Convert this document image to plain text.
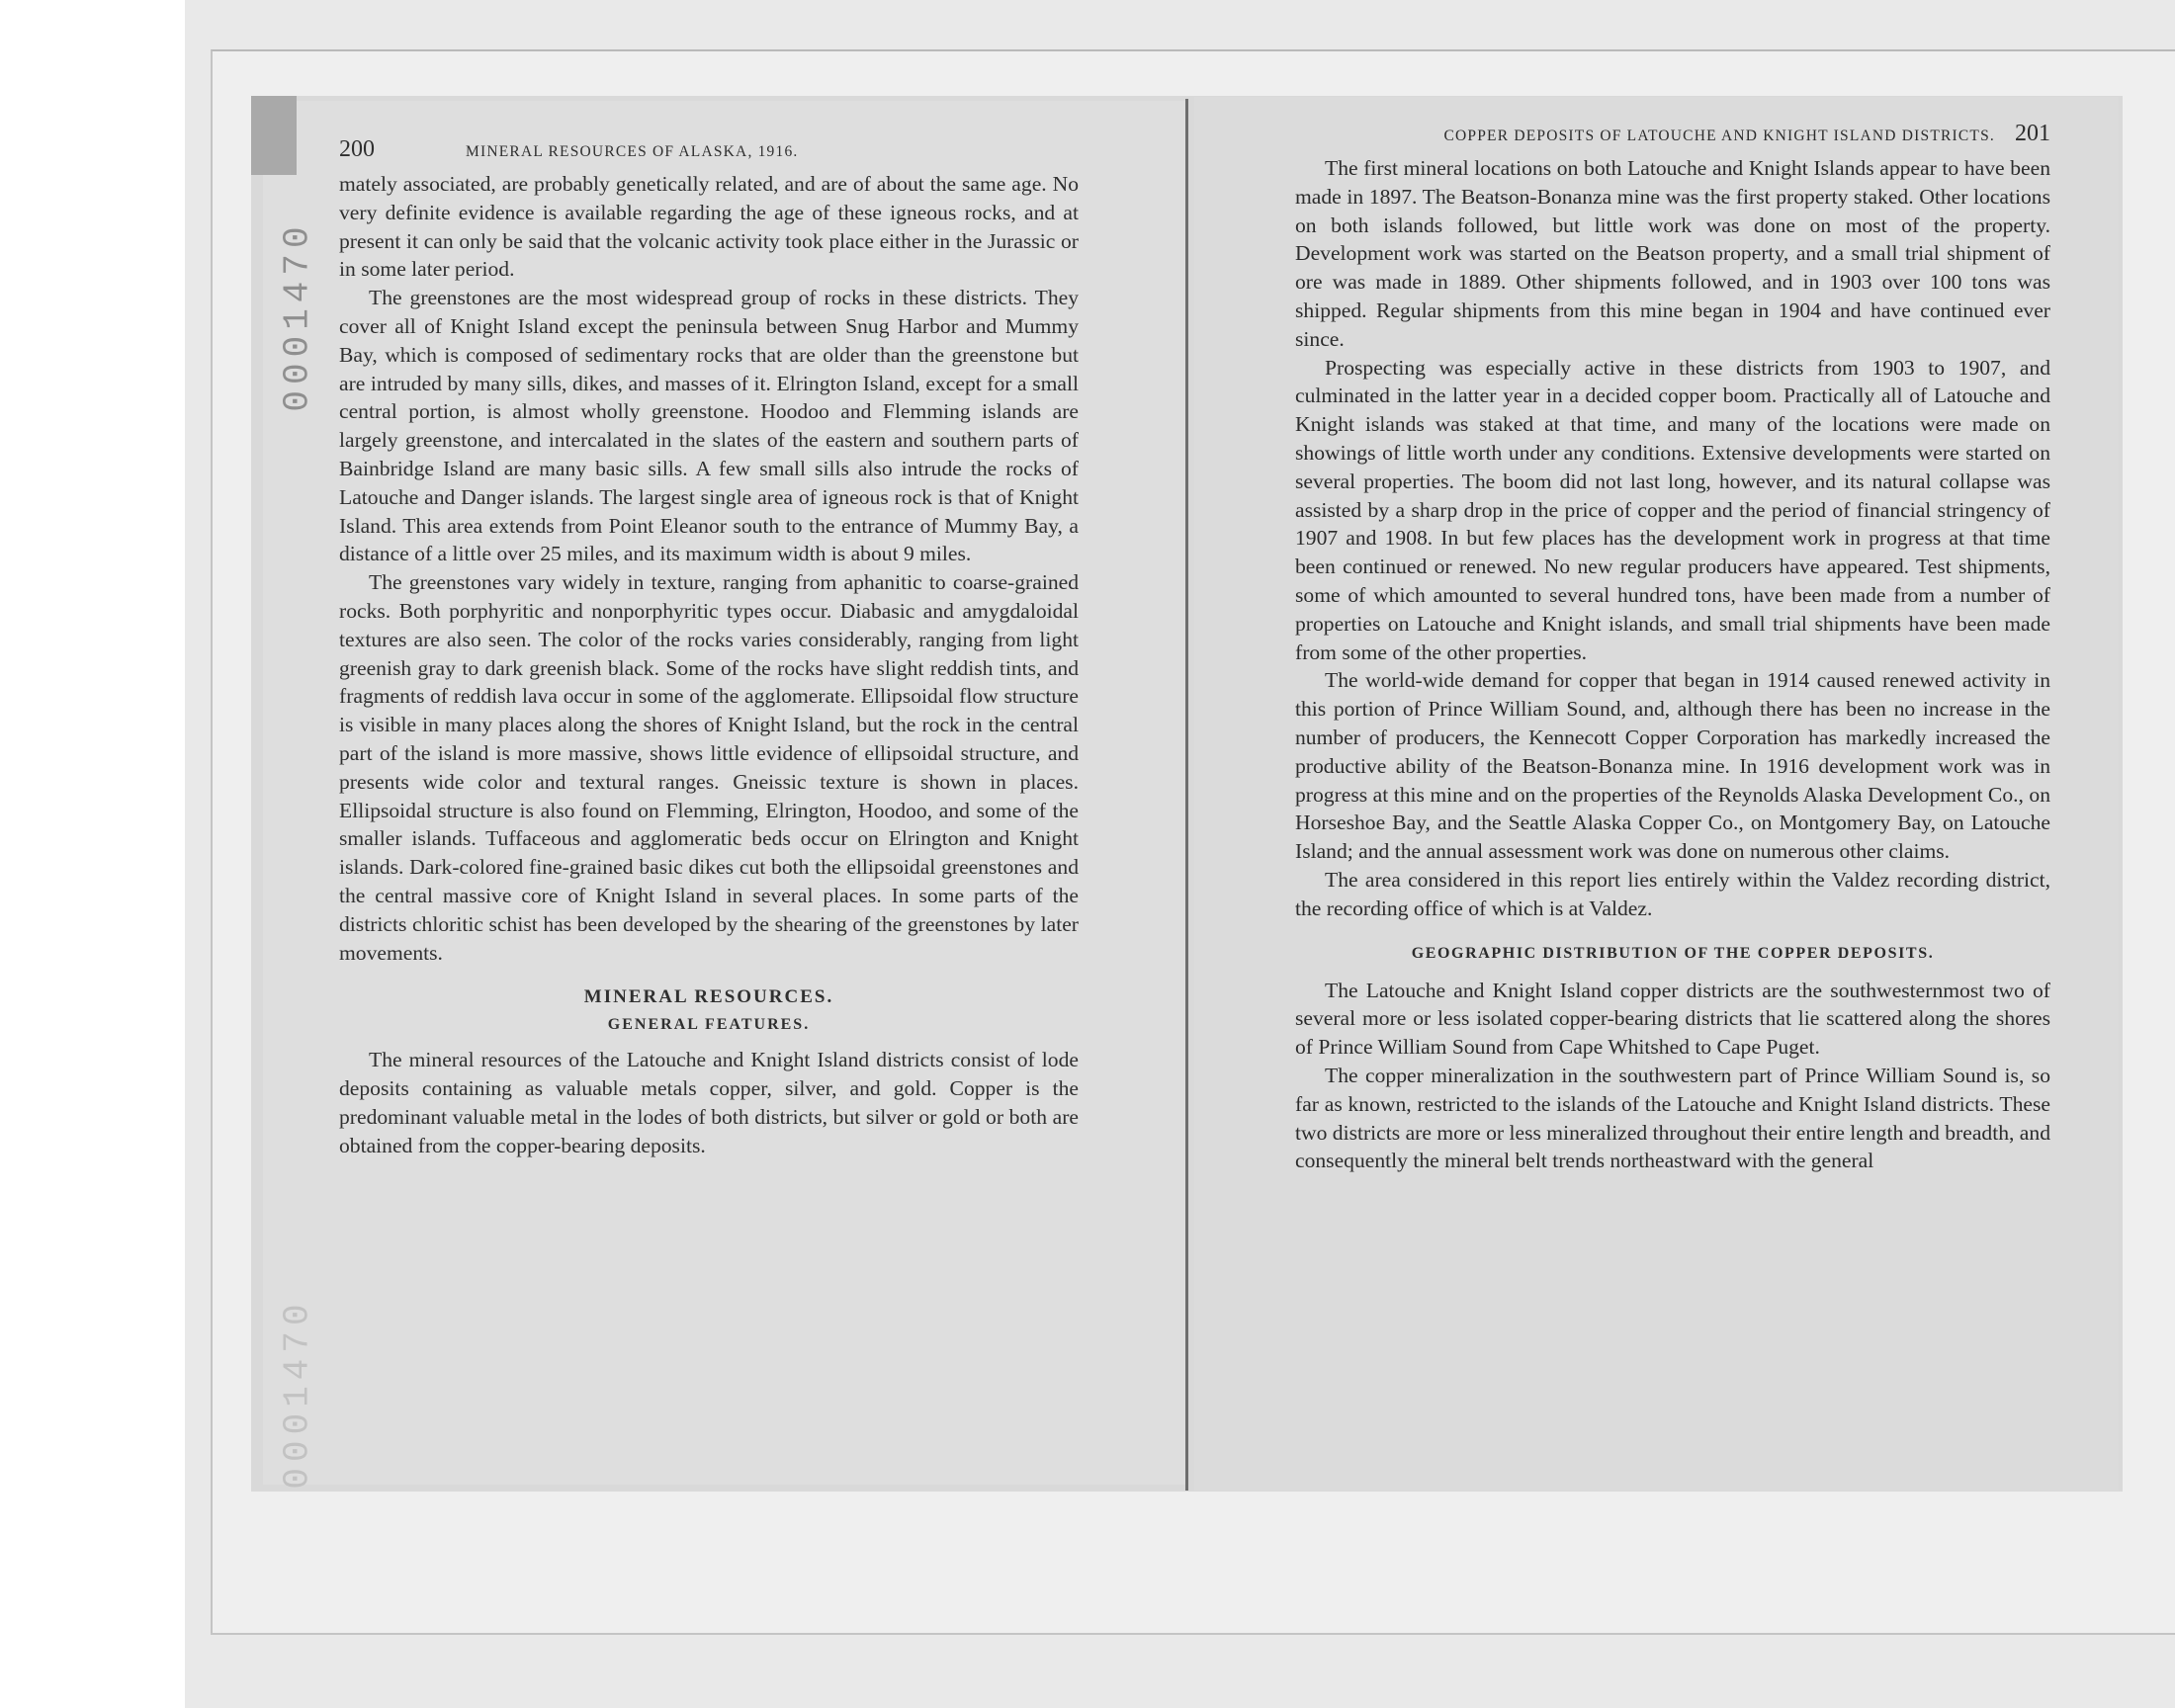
0001470
0001470
200	MINERAL RESOURCES OF ALASKA, 1916.

mately associated, are probably genetically related, and are of about the same age. No very definite evidence is available regarding the age of these igneous rocks, and at present it can only be said that the volcanic activity took place either in the Jurassic or in some later period.

The greenstones are the most widespread group of rocks in these districts. They cover all of Knight Island except the peninsula between Snug Harbor and Mummy Bay, which is composed of sedimentary rocks that are older than the greenstone but are intruded by many sills, dikes, and masses of it. Elrington Island, except for a small central portion, is almost wholly greenstone. Hoodoo and Flemming islands are largely greenstone, and intercalated in the slates of the eastern and southern parts of Bainbridge Island are many basic sills. A few small sills also intrude the rocks of Latouche and Danger islands. The largest single area of igneous rock is that of Knight Island. This area extends from Point Eleanor south to the entrance of Mummy Bay, a distance of a little over 25 miles, and its maximum width is about 9 miles.

The greenstones vary widely in texture, ranging from aphanitic to coarse-grained rocks. Both porphyritic and nonporphyritic types occur. Diabasic and amygdaloidal textures are also seen. The color of the rocks varies considerably, ranging from light greenish gray to dark greenish black. Some of the rocks have slight reddish tints, and fragments of reddish lava occur in some of the agglomerate. Ellipsoidal flow structure is visible in many places along the shores of Knight Island, but the rock in the central part of the island is more massive, shows little evidence of ellipsoidal structure, and presents wide color and textural ranges. Gneissic texture is shown in places. Ellipsoidal structure is also found on Flemming, Elrington, Hoodoo, and some of the smaller islands. Tuffaceous and agglomeratic beds occur on Elrington and Knight islands. Dark-colored fine-grained basic dikes cut both the ellipsoidal greenstones and the central massive core of Knight Island in several places. In some parts of the districts chloritic schist has been developed by the shearing of the greenstones by later movements.

MINERAL RESOURCES.
GENERAL FEATURES.

The mineral resources of the Latouche and Knight Island districts consist of lode deposits containing as valuable metals copper, silver, and gold. Copper is the predominant valuable metal in the lodes of both districts, but silver or gold or both are obtained from the copper-bearing deposits.

COPPER DEPOSITS OF LATOUCHE AND KNIGHT ISLAND DISTRICTS. 201

The first mineral locations on both Latouche and Knight Islands appear to have been made in 1897. The Beatson-Bonanza mine was the first property staked. Other locations on both islands followed, but little work was done on most of the property. Development work was started on the Beatson property, and a small trial shipment of ore was made in 1889. Other shipments followed, and in 1903 over 100 tons was shipped. Regular shipments from this mine began in 1904 and have continued ever since.

Prospecting was especially active in these districts from 1903 to 1907, and culminated in the latter year in a decided copper boom. Practically all of Latouche and Knight islands was staked at that time, and many of the locations were made on showings of little worth under any conditions. Extensive developments were started on several properties. The boom did not last long, however, and its natural collapse was assisted by a sharp drop in the price of copper and the period of financial stringency of 1907 and 1908. In but few places has the development work in progress at that time been continued or renewed. No new regular producers have appeared. Test shipments, some of which amounted to several hundred tons, have been made from a number of properties on Latouche and Knight islands, and small trial shipments have been made from some of the other properties.

The world-wide demand for copper that began in 1914 caused renewed activity in this portion of Prince William Sound, and, although there has been no increase in the number of producers, the Kennecott Copper Corporation has markedly increased the productive ability of the Beatson-Bonanza mine. In 1916 development work was in progress at this mine and on the properties of the Reynolds Alaska Development Co., on Horseshoe Bay, and the Seattle Alaska Copper Co., on Montgomery Bay, on Latouche Island; and the annual assessment work was done on numerous other claims.

The area considered in this report lies entirely within the Valdez recording district, the recording office of which is at Valdez.

GEOGRAPHIC DISTRIBUTION OF THE COPPER DEPOSITS.

The Latouche and Knight Island copper districts are the southwesternmost two of several more or less isolated copper-bearing districts that lie scattered along the shores of Prince William Sound from Cape Whitshed to Cape Puget.

The copper mineralization in the southwestern part of Prince William Sound is, so far as known, restricted to the islands of the Latouche and Knight Island districts. These two districts are more or less mineralized throughout their entire length and breadth, and consequently the mineral belt trends northeastward with the general
